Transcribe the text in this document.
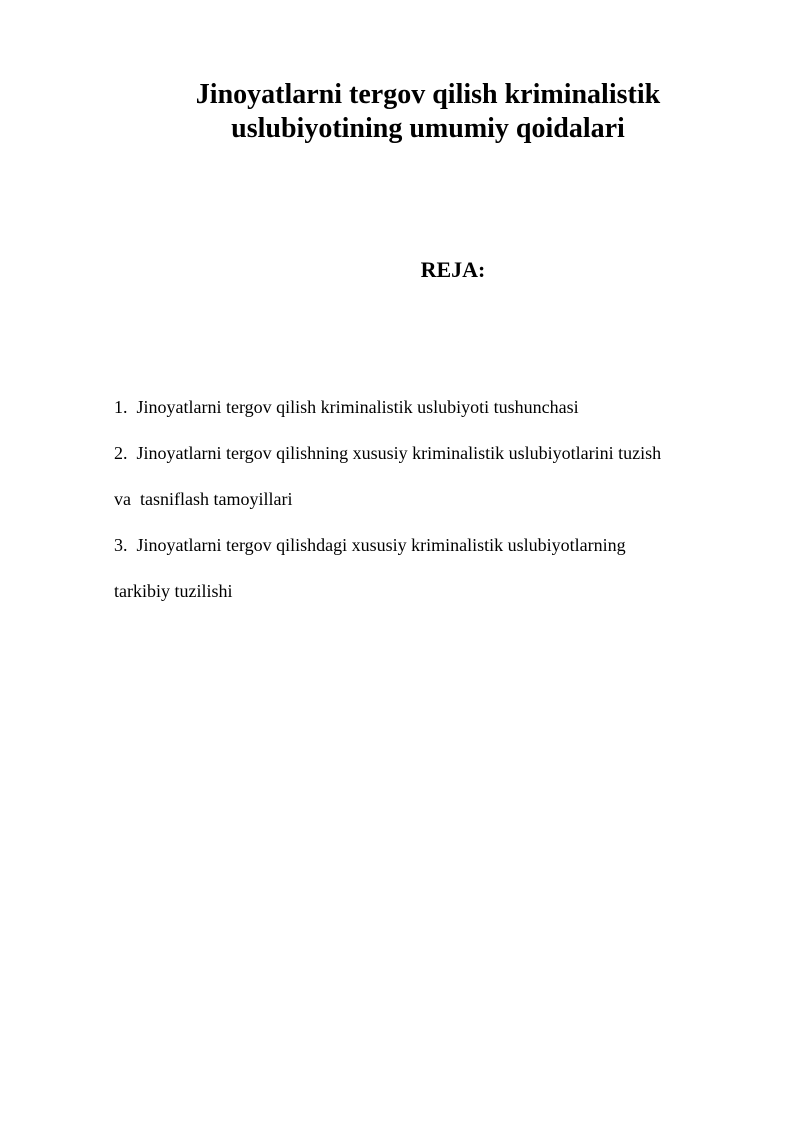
Jinoyatlarni tergov qilish kriminalistik
uslubiyotining umumiy qoidalari
REJA:
1.  Jinoyatlarni tergov qilish kriminalistik uslubiyoti tushunchasi
2.  Jinoyatlarni tergov qilishning xususiy kriminalistik uslubiyotlarini tuzish
va  tasniflash tamoyillari
3.  Jinoyatlarni tergov qilishdagi xususiy kriminalistik uslubiyotlarning
tarkibiy tuzilishi
